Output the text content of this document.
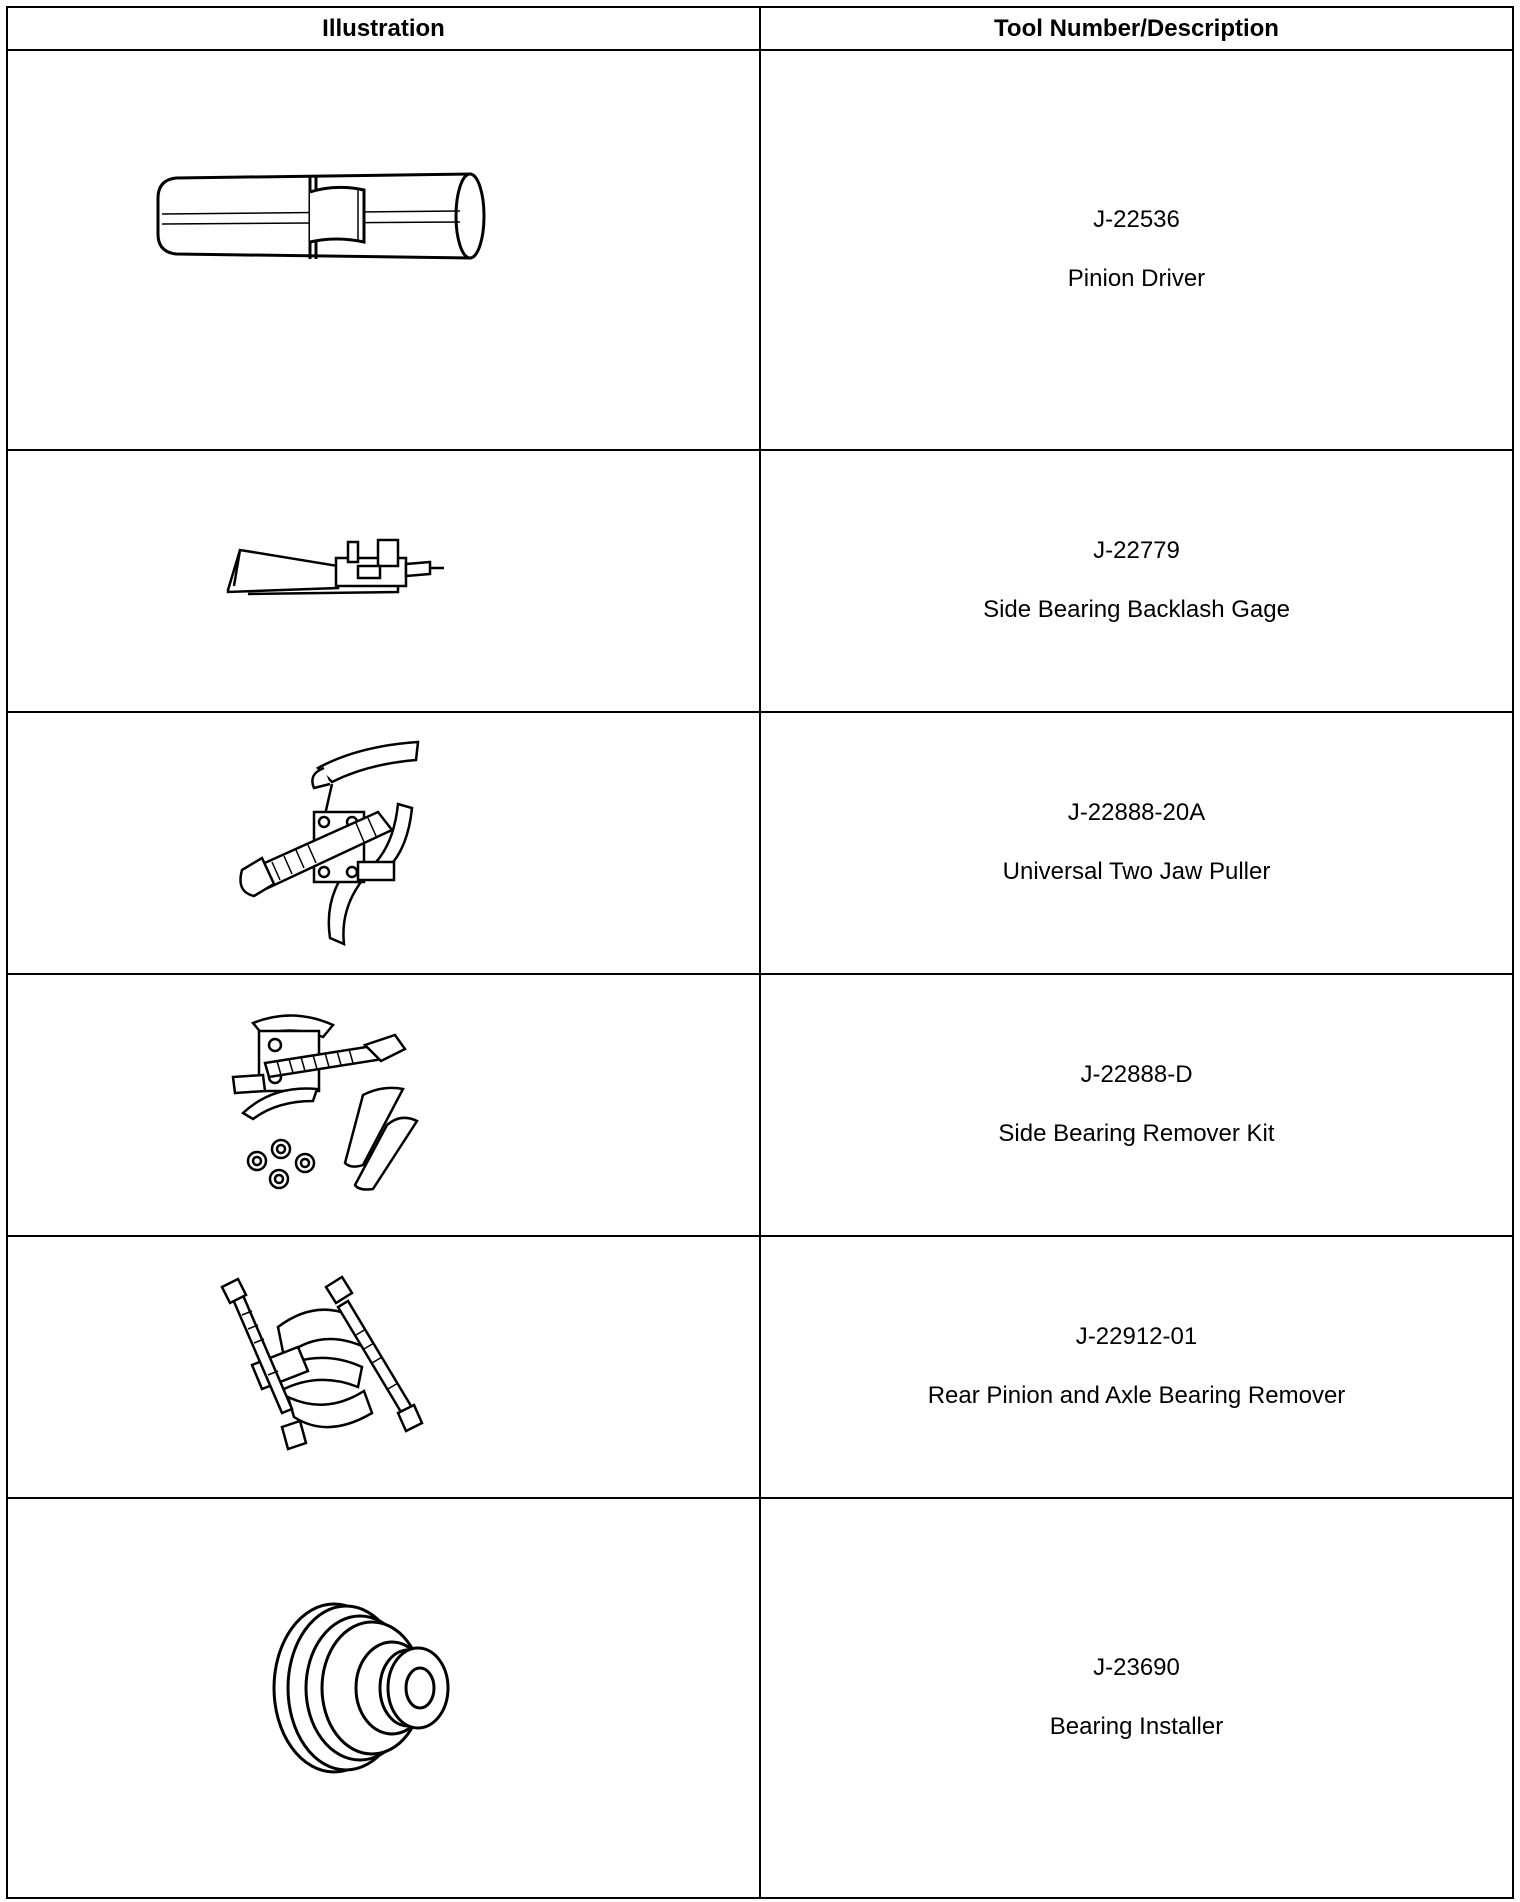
Illustration	Tool Number/Description

J-22536
Pinion Driver

J-22779
Side Bearing Backlash Gage

J-22888-20A
Universal Two Jaw Puller

J-22888-D
Side Bearing Remover Kit

J-22912-01
Rear Pinion and Axle Bearing Remover

J-23690
Bearing Installer
